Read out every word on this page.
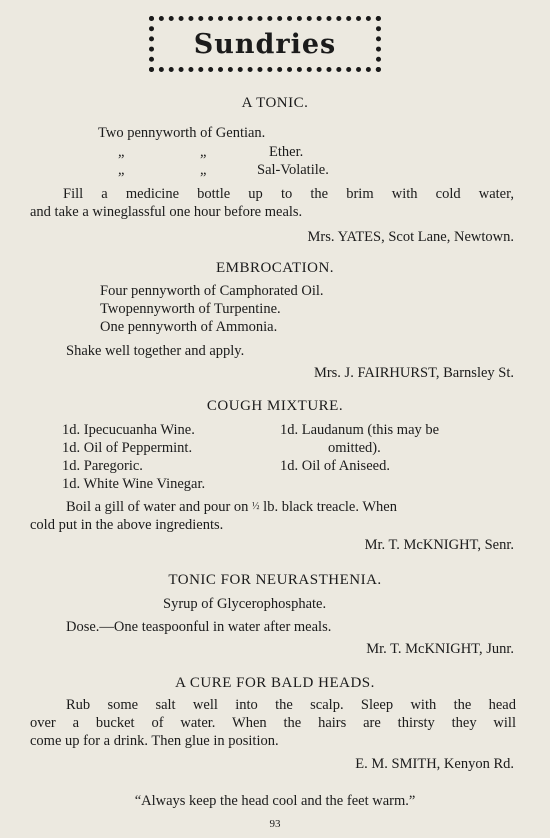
Sundries
A TONIC.
Two pennyworth of Gentian.
„	„	Ether.
„	„	Sal-Volatile.
Fill a medicine bottle up to the brim with cold water,
and take a wineglassful one hour before meals.
Mrs. YATES, Scot Lane, Newtown.
EMBROCATION.
Four pennyworth of Camphorated Oil.
Twopennyworth of Turpentine.
One pennyworth of Ammonia.
Shake well together and apply.
Mrs. J. FAIRHURST, Barnsley St.
COUGH MIXTURE.
1d. Ipecucuanha Wine.
1d. Oil of Peppermint.
1d. Paregoric.
1d. White Wine Vinegar.
1d. Laudanum (this may be
omitted).
1d. Oil of Aniseed.
Boil a gill of water and pour on ½ lb. black treacle. When
cold put in the above ingredients.
Mr. T. McKNIGHT, Senr.
TONIC FOR NEURASTHENIA.
Syrup of Glycerophosphate.
Dose.—One teaspoonful in water after meals.
Mr. T. McKNIGHT, Junr.
A CURE FOR BALD HEADS.
Rub some salt well into the scalp. Sleep with the head
over a bucket of water. When the hairs are thirsty they will
come up for a drink. Then glue in position.
E. M. SMITH, Kenyon Rd.
“Always keep the head cool and the feet warm.”
93
